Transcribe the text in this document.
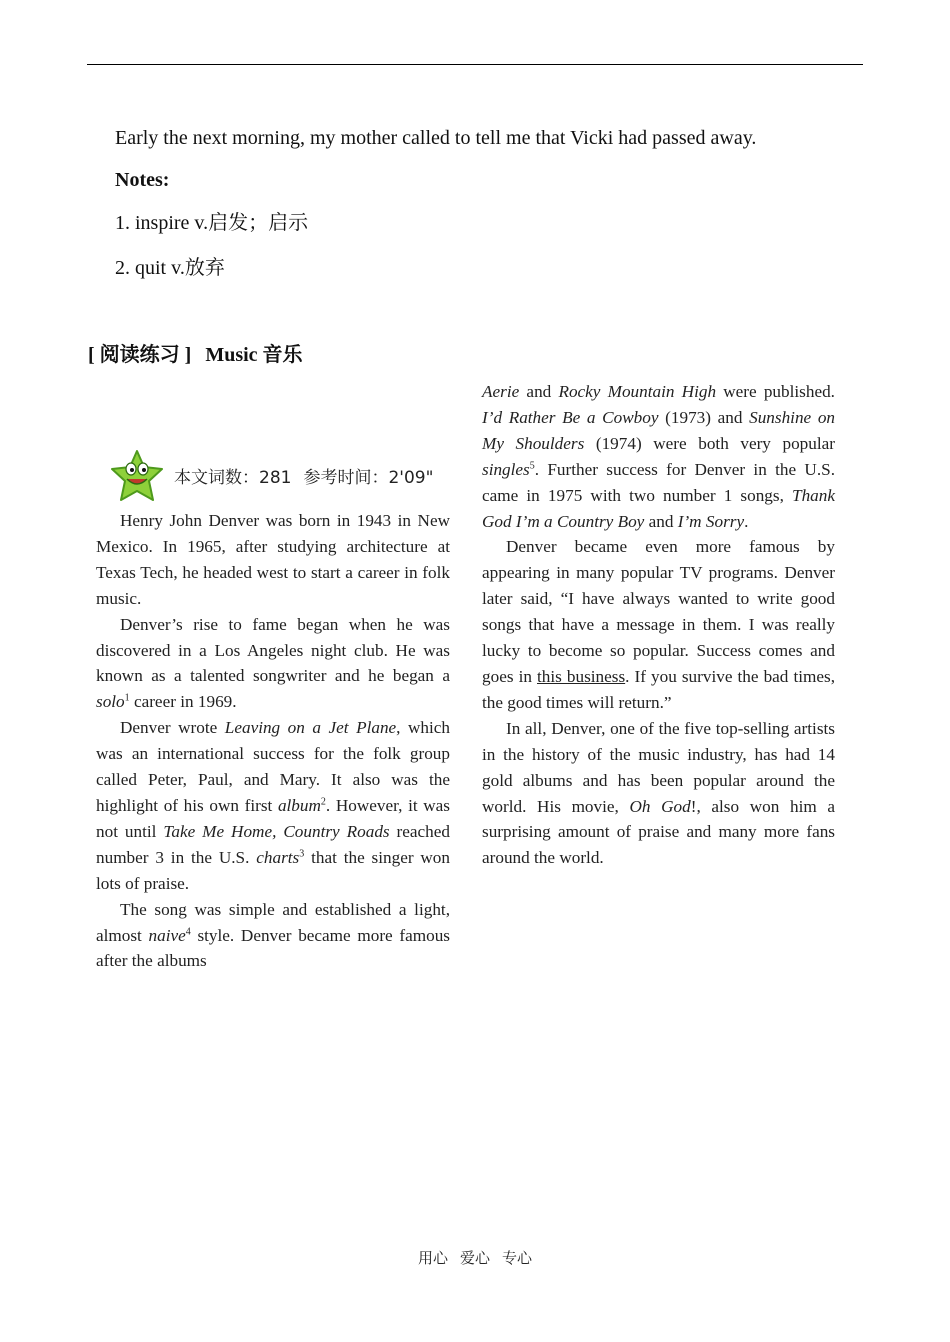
Early the next morning, my mother called to tell me that Vicki had passed away.
Notes:
1. inspire v.启发；启示
2. quit v.放弃
[ 阅读练习 ] Music 音乐
本文词数：281 参考时间：2'09"

Henry John Denver was born in 1943 in New Mexico. In 1965, after studying architecture at Texas Tech, he headed west to start a career in folk music.

Denver’s rise to fame began when he was discovered in a Los Angeles night club. He was known as a talented songwriter and he began a solo$^1$ career in 1969.

Denver wrote Leaving on a Jet Plane, which was an international success for the folk group called Peter, Paul, and Mary. It also was the highlight of his own first album$^2$. However, it was not until Take Me Home, Country Roads reached number 3 in the U.S. charts$^3$ that the singer won lots of praise.

The song was simple and established a light, almost naive$^4$ style. Denver became more famous after the albums

Aerie and Rocky Mountain High were published. I’d Rather Be a Cowboy (1973) and Sunshine on My Shoulders (1974) were both very popular singles$^5$. Further success for Denver in the U.S. came in 1975 with two number 1 songs, Thank God I’m a Country Boy and I’m Sorry.

Denver became even more famous by appearing in many popular TV programs. Denver later said, “I have always wanted to write good songs that have a message in them. I was really lucky to become so popular. Success comes and goes in this business. If you survive the bad times, the good times will return.”

In all, Denver, one of the five top-selling artists in the history of the music industry, has had 14 gold albums and has been popular around the world. His movie, Oh God!, also won him a surprising amount of praise and many more fans around the world.

用心 爱心 专心
